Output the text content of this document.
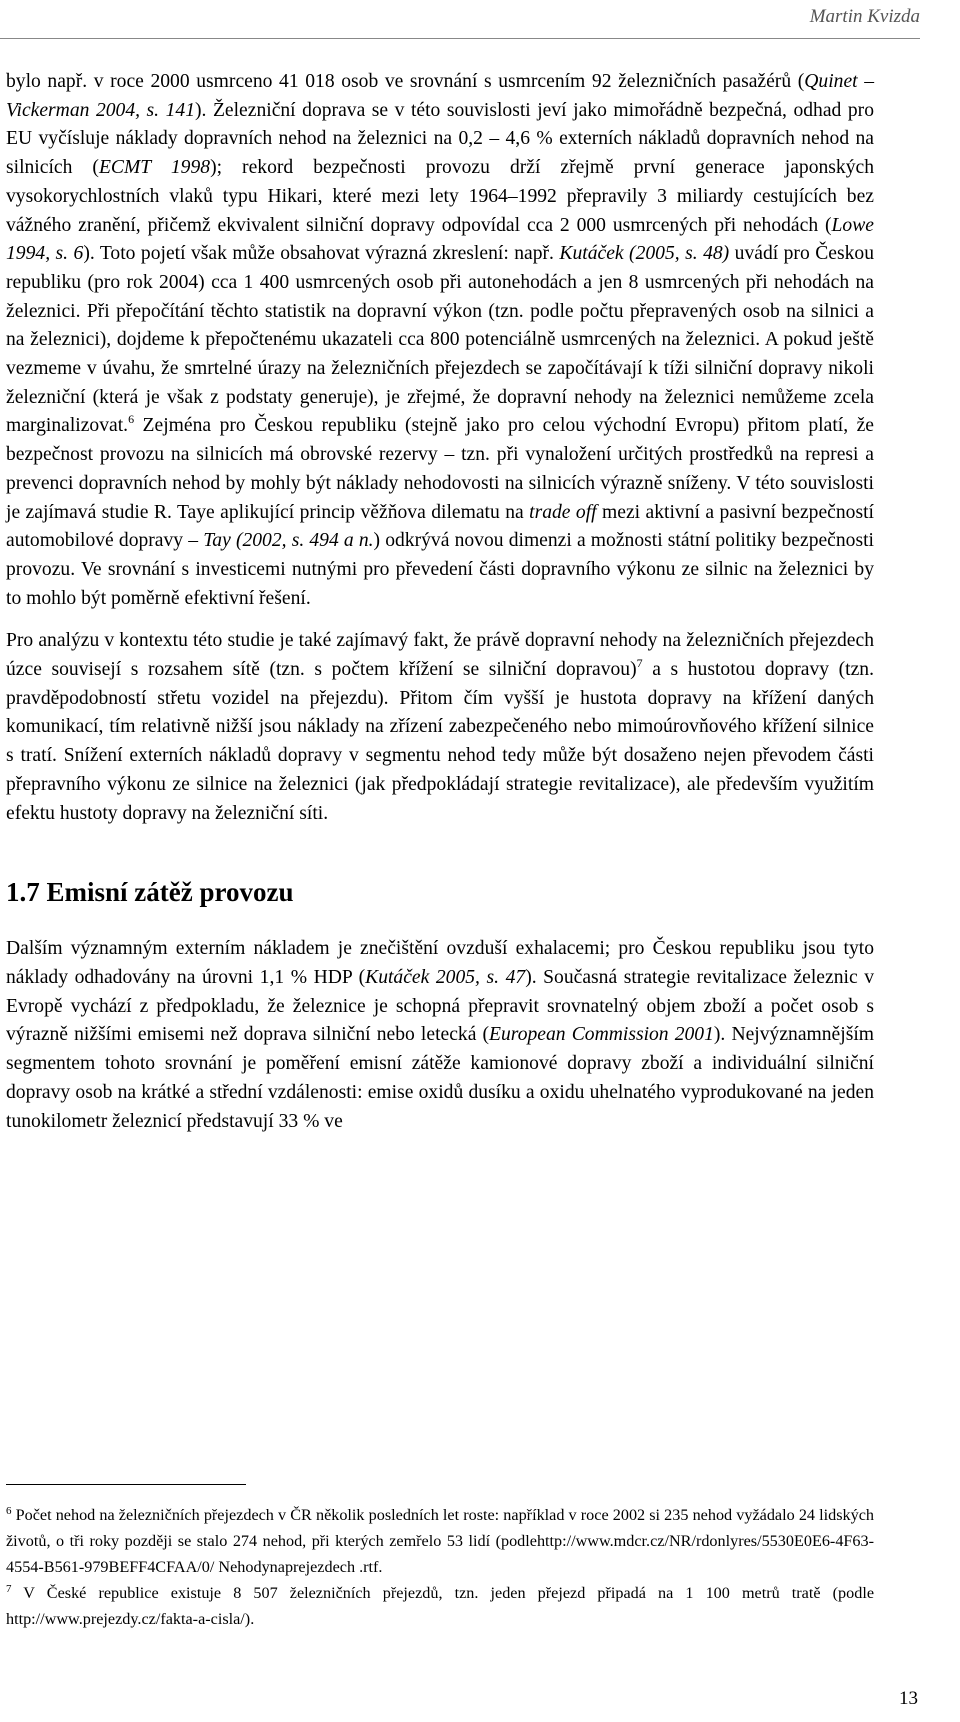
Martin Kvizda

bylo např. v roce 2000 usmrceno 41 018 osob ve srovnání s usmrcením 92 železničních pasažérů (Quinet – Vickerman 2004, s. 141). Železniční doprava se v této souvislosti jeví jako mimořádně bezpečná, odhad pro EU vyčísluje náklady dopravních nehod na železnici na 0,2 – 4,6 % externích nákladů dopravních nehod na silnicích (ECMT 1998); rekord bezpečnosti provozu drží zřejmě první generace japonských vysokorychlostních vlaků typu Hikari, které mezi lety 1964–1992 přepravily 3 miliardy cestujících bez vážného zranění, přičemž ekvivalent silniční dopravy odpovídal cca 2 000 usmrcených při nehodách (Lowe 1994, s. 6). Toto pojetí však může obsahovat výrazná zkreslení: např. Kutáček (2005, s. 48) uvádí pro Českou republiku (pro rok 2004) cca 1 400 usmrcených osob při autonehodách a jen 8 usmrcených při nehodách na železnici. Při přepočítání těchto statistik na dopravní výkon (tzn. podle počtu přepravených osob na silnici a na železnici), dojdeme k přepočtenému ukazateli cca 800 potenciálně usmrcených na železnici. A pokud ještě vezmeme v úvahu, že smrtelné úrazy na železničních přejezdech se započítávají k tíži silniční dopravy nikoli železniční (která je však z podstaty generuje), je zřejmé, že dopravní nehody na železnici nemůžeme zcela marginalizovat.$^6$ Zejména pro Českou republiku (stejně jako pro celou východní Evropu) přitom platí, že bezpečnost provozu na silnicích má obrovské rezervy – tzn. při vynaložení určitých prostředků na represi a prevenci dopravních nehod by mohly být náklady nehodovosti na silnicích výrazně sníženy. V této souvislosti je zajímavá studie R. Taye aplikující princip věžňova dilematu na trade off mezi aktivní a pasivní bezpečností automobilové dopravy – Tay (2002, s. 494 a n.) odkrývá novou dimenzi a možnosti státní politiky bezpečnosti provozu. Ve srovnání s investicemi nutnými pro převedení části dopravního výkonu ze silnic na železnici by to mohlo být poměrně efektivní řešení.

Pro analýzu v kontextu této studie je také zajímavý fakt, že právě dopravní nehody na železničních přejezdech úzce souvisejí s rozsahem sítě (tzn. s počtem křížení se silniční dopravou)$^7$ a s hustotou dopravy (tzn. pravděpodobností střetu vozidel na přejezdu). Přitom čím vyšší je hustota dopravy na křížení daných komunikací, tím relativně nižší jsou náklady na zřízení zabezpečeného nebo mimoúrovňového křížení silnice s tratí. Snížení externích nákladů dopravy v segmentu nehod tedy může být dosaženo nejen převodem části přepravního výkonu ze silnice na železnici (jak předpokládají strategie revitalizace), ale především využitím efektu hustoty dopravy na železniční síti.

1.7 Emisní zátěž provozu

Dalším významným externím nákladem je znečištění ovzduší exhalacemi; pro Českou republiku jsou tyto náklady odhadovány na úrovni 1,1 % HDP (Kutáček 2005, s. 47). Současná strategie revitalizace železnic v Evropě vychází z předpokladu, že železnice je schopná přepravit srovnatelný objem zboží a počet osob s výrazně nižšími emisemi než doprava silniční nebo letecká (European Commission 2001). Nejvýznamnějším segmentem tohoto srovnání je poměření emisní zátěže kamionové dopravy zboží a individuální silniční dopravy osob na krátké a střední vzdálenosti: emise oxidů dusíku a oxidu uhelnatého vyprodukované na jeden tunokilometr železnicí představují 33 % ve

$^6$ Počet nehod na železničních přejezdech v ČR několik posledních let roste: například v roce 2002 si 235 nehod vyžádalo 24 lidských životů, o tři roky později se stalo 274 nehod, při kterých zemřelo 53 lidí (podlehttp://www.mdcr.cz/NR/rdonlyres/5530E0E6-4F63-4554-B561-979BEFF4CFAA/0/ Nehodynaprejezdech .rtf.

$^7$ V České republice existuje 8 507 železničních přejezdů, tzn. jeden přejezd připadá na 1 100 metrů tratě (podle http://www.prejezdy.cz/fakta-a-cisla/).

13
